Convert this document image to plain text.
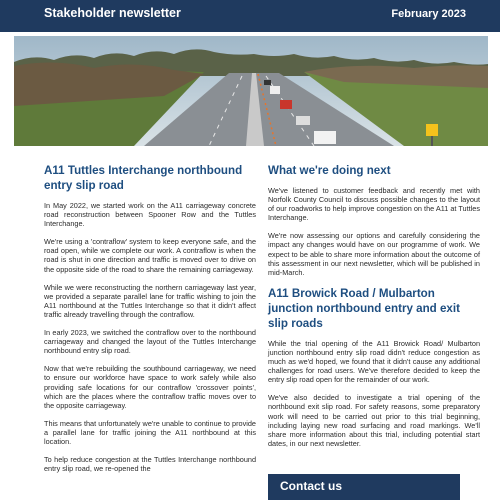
Stakeholder newsletter	February 2023
A11 Tuttles Interchange northbound entry slip road

In May 2022, we started work on the A11 carriageway concrete road reconstruction between Spooner Row and the Tuttles Interchange.

We're using a 'contraflow' system to keep everyone safe, and the road open, while we complete our work. A contraflow is when the road is shut in one direction and traffic is moved over to drive on the opposite side of the road to share the remaining carriageway.

While we were reconstructing the northern carriageway last year, we provided a separate parallel lane for traffic wishing to join the A11 northbound at the Tuttles Interchange so that it didn't affect traffic already travelling through the contraflow.

In early 2023, we switched the contraflow over to the northbound carriageway and changed the layout of the Tuttles Interchange northbound entry slip road.

Now that we're rebuilding the southbound carriageway, we need to ensure our workforce have space to work safely while also providing safe locations for our contraflow 'crossover points', which are the places where the contraflow traffic moves over to the opposite carriageway.

This means that unfortunately we're unable to continue to provide a parallel lane for traffic joining the A11 northbound at this location.

To help reduce congestion at the Tuttles Interchange northbound entry slip road, we re-opened the

What we're doing next

We've listened to customer feedback and recently met with Norfolk County Council to discuss possible changes to the layout of our roadworks to help improve congestion on the A11 at Tuttles Interchange.

We're now assessing our options and carefully considering the impact any changes would have on our programme of work. We expect to be able to share more information about the outcome of this assessment in our next newsletter, which will be published in mid-March.

A11 Browick Road / Mulbarton junction northbound entry and exit slip roads

While the trial opening of the A11 Browick Road/ Mulbarton junction northbound entry slip road didn't reduce congestion as much as we'd hoped, we found that it didn't cause any additional challenges for road users. We've therefore decided to keep the entry slip road open for the remainder of our work.

We've also decided to investigate a trial opening of the northbound exit slip road. For safety reasons, some preparatory work will need to be carried out prior to this trial beginning, including laying new road surfacing and road markings. We'll share more information about this trial, including potential start dates, in our next newsletter.

Contact us
